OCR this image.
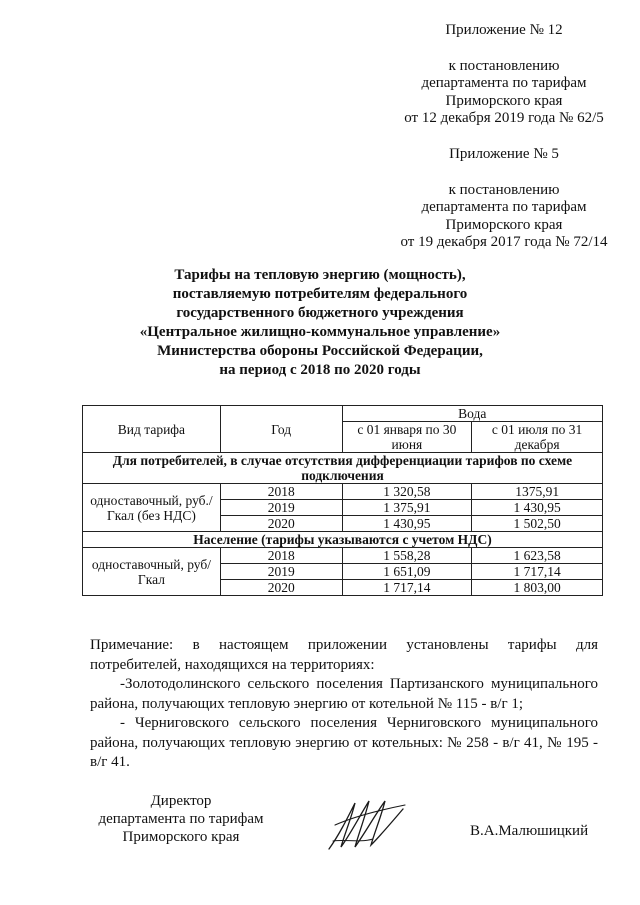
Приложение № 12
к постановлению
департамента по тарифам
Приморского края
от 12 декабря 2019 года № 62/5
Приложение № 5
к постановлению
департамента по тарифам
Приморского края
от 19 декабря 2017 года № 72/14
Тарифы на тепловую энергию (мощность),
поставляемую потребителям федерального
государственного бюджетного учреждения
«Центральное жилищно-коммунальное управление»
Министерства обороны Российской Федерации,
на период с 2018 по 2020 годы
Вид тарифа	Год	Вода	
		с 01 января по 30 июня	с 01 июля по 31 декабря
Для потребителей, в случае отсутствия дифференциации тарифов по схеме подключения			
одноставочный, руб./Гкал (без НДС)	2018	1 320,58	1375,91
	2019	1 375,91	1 430,95
	2020	1 430,95	1 502,50
Население (тарифы указываются с учетом НДС)			
одноставочный, руб/Гкал	2018	1 558,28	1 623,58
	2019	1 651,09	1 717,14
	2020	1 717,14	1 803,00

Примечание: в настоящем приложении установлены тарифы для потребителей, находящихся на территориях:

-Золотодолинского сельского поселения Партизанского муниципального района, получающих тепловую энергию от котельной № 115 - в/г 1;

- Черниговского сельского поселения Черниговского муниципального района, получающих тепловую энергию от котельных: № 258 - в/г 41, № 195 - в/г 41.

Директор
департамента по тарифам
Приморского края	В.А.Малюшицкий
